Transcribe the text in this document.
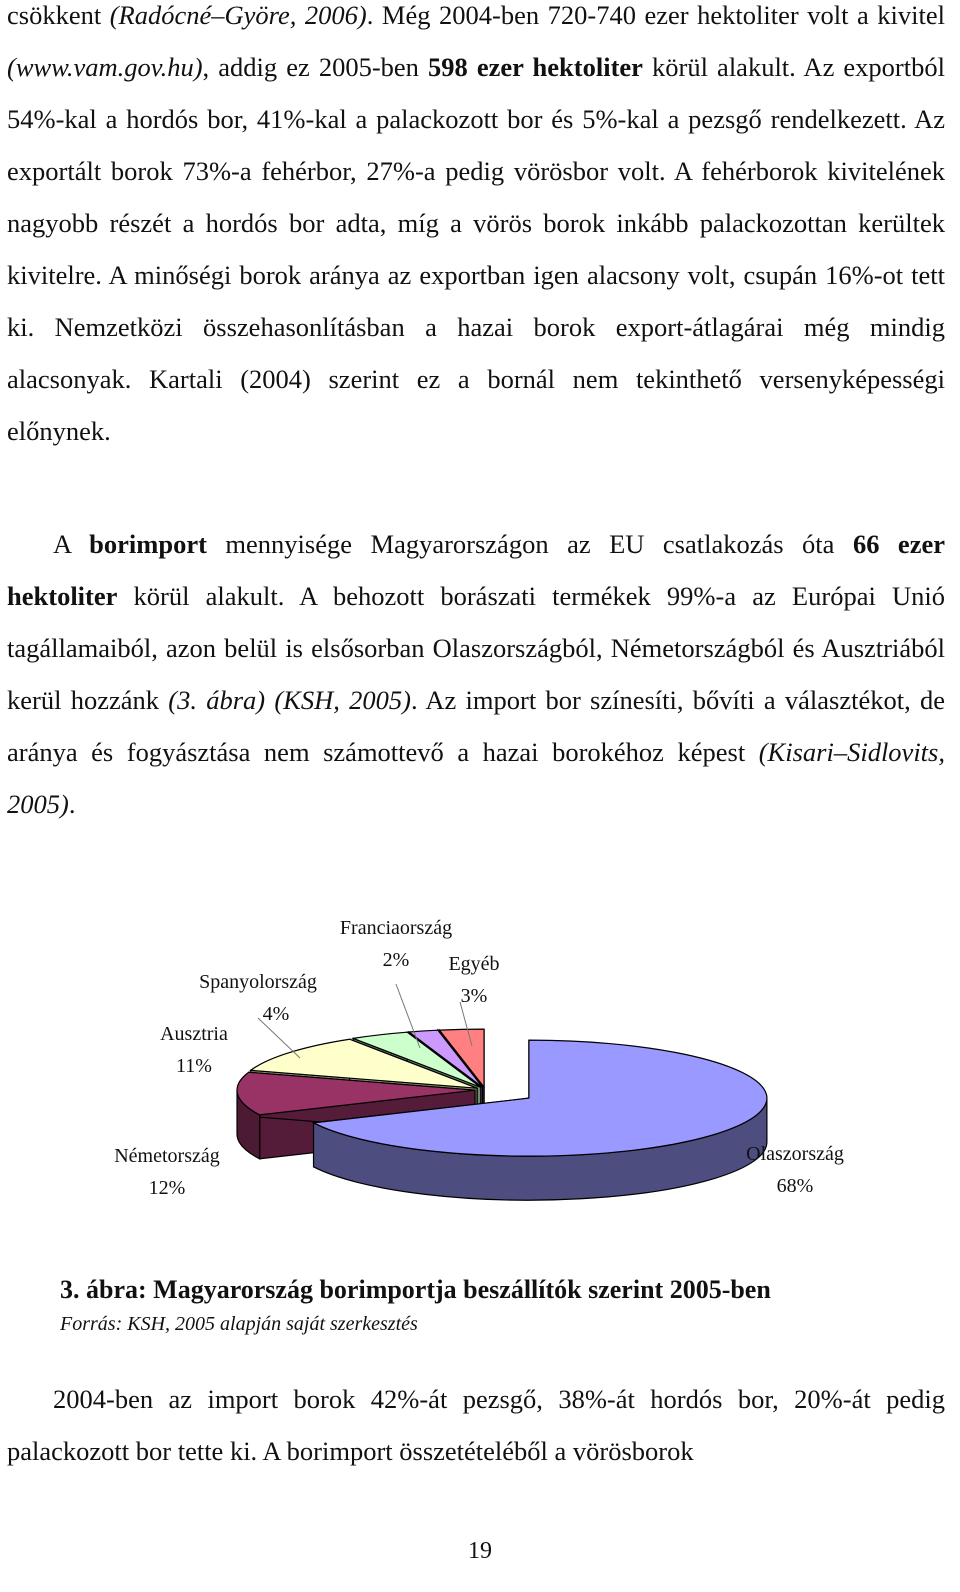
csökkent (Radócné–Györe, 2006). Még 2004-ben 720-740 ezer hektoliter volt a kivitel (www.vam.gov.hu), addig ez 2005-ben 598 ezer hektoliter körül alakult. Az exportból 54%-kal a hordós bor, 41%-kal a palackozott bor és 5%-kal a pezsgő rendelkezett. Az exportált borok 73%-a fehérbor, 27%-a pedig vörösbor volt. A fehérborok kivitelének nagyobb részét a hordós bor adta, míg a vörös borok inkább palackozottan kerültek kivitelre. A minőségi borok aránya az exportban igen alacsony volt, csupán 16%-ot tett ki. Nemzetközi összehasonlításban a hazai borok export-átlagárai még mindig alacsonyak. Kartali (2004) szerint ez a bornál nem tekinthető versenyképességi előnynek.

A borimport mennyisége Magyarországon az EU csatlakozás óta 66 ezer hektoliter körül alakult. A behozott borászati termékek 99%-a az Európai Unió tagállamaiból, azon belül is elsősorban Olaszországból, Németországból és Ausztriából kerül hozzánk (3. ábra) (KSH, 2005). Az import bor színesíti, bővíti a választékot, de aránya és fogyásztása nem számottevő a hazai borokéhoz képest (Kisari–Sidlovits, 2005).

Olaszország
68%
Németország
12%
Ausztria
11%
Spanyolország
4%
Franciaország
2% Egyéb
3%

3. ábra: Magyarország borimportja beszállítók szerint 2005-ben

Forrás: KSH, 2005 alapján saját szerkesztés

2004-ben az import borok 42%-át pezsgő, 38%-át hordós bor, 20%-át pedig palackozott bor tette ki. A borimport összetételéből a vörösborok

19
